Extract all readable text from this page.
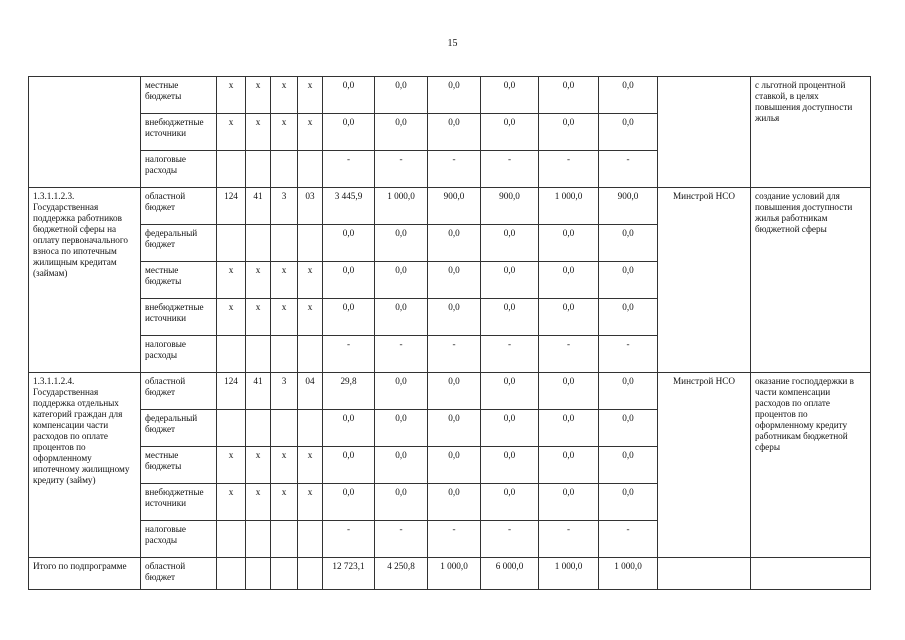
15
	местные бюджеты	х	х	х	х	0,0	0,0	0,0	0,0	0,0	0,0		с льготной процентной ставкой, в целях повышения доступности жилья
	внебюджетные источники	х	х	х	х	0,0	0,0	0,0	0,0	0,0	0,0		
	налоговые расходы					-	-	-	-	-	-		
1.3.1.1.2.3. Государственная поддержка работников бюджетной сферы на оплату первоначального взноса по ипотечным жилищным кредитам (займам)	областной бюджет	124	41	3	03	3 445,9	1 000,0	900,0	900,0	1 000,0	900,0	Минстрой НСО	создание условий для повышения доступности жилья работникам бюджетной сферы
	федеральный бюджет					0,0	0,0	0,0	0,0	0,0	0,0		
	местные бюджеты	х	х	х	х	0,0	0,0	0,0	0,0	0,0	0,0		
	внебюджетные источники	х	х	х	х	0,0	0,0	0,0	0,0	0,0	0,0		
	налоговые расходы					-	-	-	-	-	-		
1.3.1.1.2.4. Государственная поддержка отдельных категорий граждан для компенсации части расходов по оплате процентов по оформленному ипотечному жилищному кредиту (займу)	областной бюджет	124	41	3	04	29,8	0,0	0,0	0,0	0,0	0,0	Минстрой НСО	оказание господдержки в части компенсации расходов по оплате процентов по оформленному кредиту работникам бюджетной сферы
	федеральный бюджет					0,0	0,0	0,0	0,0	0,0	0,0		
	местные бюджеты	х	х	х	х	0,0	0,0	0,0	0,0	0,0	0,0		
	внебюджетные источники	х	х	х	х	0,0	0,0	0,0	0,0	0,0	0,0		
	налоговые расходы					-	-	-	-	-	-		
Итого по подпрограмме	областной бюджет					12 723,1	4 250,8	1 000,0	6 000,0	1 000,0	1 000,0		
